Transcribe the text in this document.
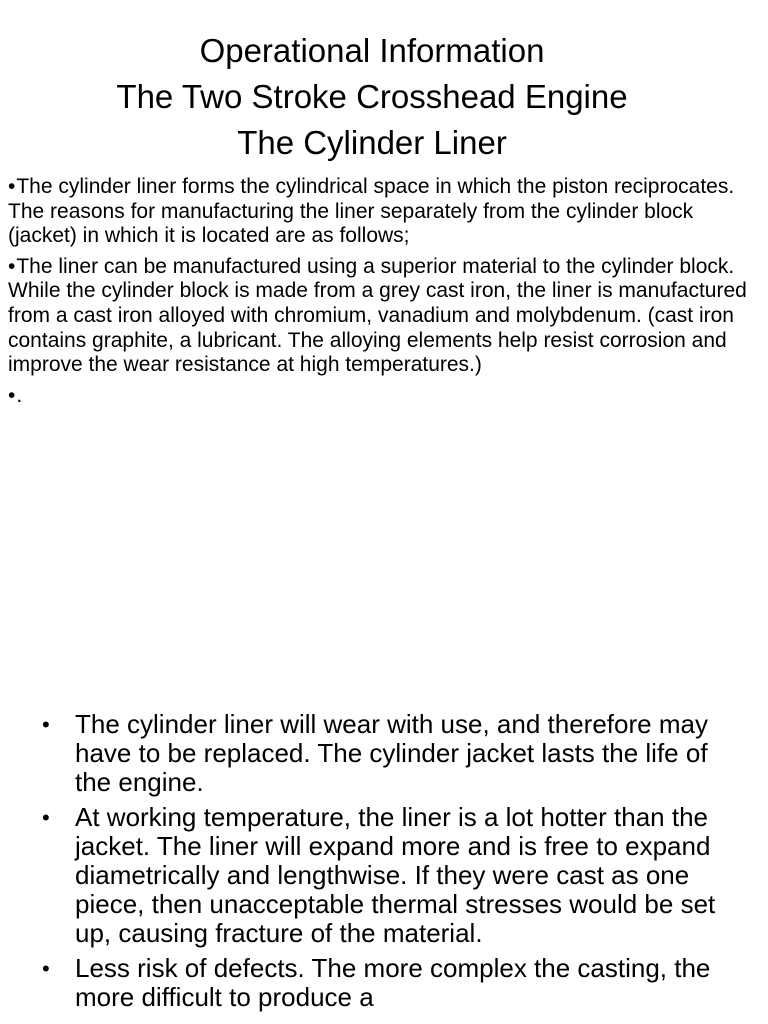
Operational Information
The Two Stroke Crosshead Engine
The Cylinder Liner

•The cylinder liner forms the cylindrical space in which the piston reciprocates. The reasons for manufacturing the liner separately from the cylinder block (jacket) in which it is located are as follows;

•The liner can be manufactured using a superior material to the cylinder block. While the cylinder block is made from a grey cast iron, the liner is manufactured from a cast iron alloyed with chromium, vanadium and molybdenum. (cast iron contains graphite, a lubricant. The alloying elements help resist corrosion and improve the wear resistance at high temperatures.)

•.

• The cylinder liner will wear with use, and therefore may have to be replaced. The cylinder jacket lasts the life of the engine.
• At working temperature, the liner is a lot hotter than the jacket. The liner will expand more and is free to expand diametrically and lengthwise. If they were cast as one piece, then unacceptable thermal stresses would be set up, causing fracture of the material.
• Less risk of defects. The more complex the casting, the more difficult to produce a
